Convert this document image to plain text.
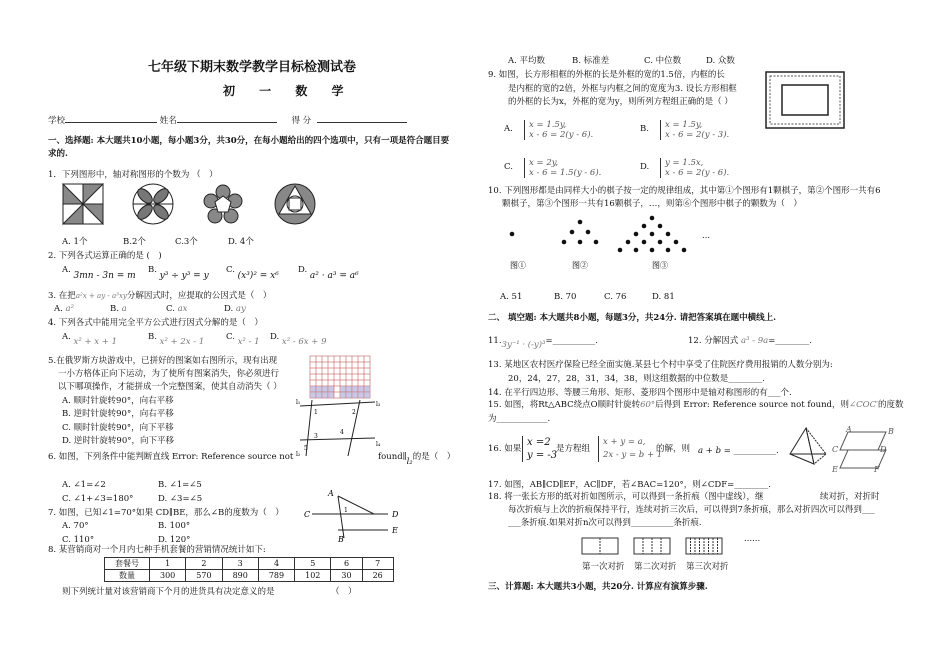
七年级下期末数学教学目标检测试卷
初 一 数 学
学校	姓名	得 分
一、选择题: 本大题共10小题，每小题3分，共30分，在每小题给出的四个选项中，只有一项是符合题目要
求的.
1．下列图形中，轴对称图形的个数为 （　）
A. 1个	B.2个	C.3个	D. 4个
2. 下列各式运算正确的是 (　)
A. 3mn - 3n = m
B. y³ ÷ y³ = y
C. (x³)² = x⁶
D. a² · a³ = a⁶
3. 在把a²x + ay - a³xy分解因式时，应提取的公因式是（　）
A. a²	B. a	C. ax	D. ay
4. 下列各式中能用完全平方公式进行因式分解的是（　）
A. x² + x + 1	B. x² + 2x - 1	C. x² - 1 D. x² - 6x + 9
5.在俄罗斯方块游戏中，已拼好的图案如右图所示，现有出现
一小方格体正向下运动，为了使所有图案消失，你必须进行
以下哪项操作，才能拼成一个完整图案，使其自动消失（ ）
A. 顺时针旋转90°，向右平移
B. 逆时针旋转90°，向右平移
C. 顺时针旋转90°，向下平移
D. 逆时针旋转90°，向下平移
l₁	l₃
l₄
l₂
1	2
3
4
5
6. 如图，下列条件中能判断直线 Error: Reference source not	found∥l₂的是（　）
A. ∠1=∠2	B. ∠1=∠5
C. ∠1+∠3=180°	D. ∠3=∠5
7. 如图，已知∠1=70°如果 CD∥BE，那么∠B的度数为（　）
A. 70°	B. 100°
C. 110°	D. 120°
A
C	D
B
E
1
8. 某营销商对一个月内七种手机套餐的营销情况统计如下:
套餐号	1	2	3	4	5	6	7
数量	300	570	890	789	102	30	26
则下列统计量对该营销商下个月的进货具有决定意义的是	（　）
A. 平均数	B. 标准差	C. 中位数	D. 众数
9. 如图，长方形相框的外框的长是外框的宽的1.5倍，内框的长
是内框的宽的2倍，外框与内框之间的宽度为3. 设长方形相框
的外框的长为x，外框的宽为y，则所列方程组正确的是（ ）
A. x = 1.5y,
x - 6 = 2(y - 6).
B. x = 1.5y,
x - 6 = 2(y - 3).
C. x = 2y,
x - 6 = 1.5(y - 6).
D. y = 1.5x,
x - 6 = 2(y - 6).
10. 下列图形都是由同样大小的棋子按一定的规律组成，其中第①个图形有1颗棋子，第②个图形一共有6
颗棋子，第③个图形一共有16颗棋子，…，则第⑥个图形中棋子的颗数为（　）
…
图①	图②	图③
A. 51	B. 70	C. 76	D. 81
二、 填空题: 本大题共8小题，每题3分，共24分. 请把答案填在题中横线上.
11.3y⁻¹ · (-y)³=__________.	12. 分解因式 a³ - 9a=________.
13. 某地区农村医疗保险已经全面实施.某县七个村中享受了住院医疗费用报销的人数分别为:
20，24，27，28，31，34，38，则这组数据的中位数是________.
14. 在平行四边形、等腰三角形、矩形、菱形四个图形中是轴对称图形的有___个.
15. 如图，将Rt△ABC绕点O顺时针旋转60°后得到 Error: Reference source not found，则∠COC′的度数
为____________.
16. 如果
x =2
y = -3
是方程组
x + y = a,
2x - y = b + 1
的解，则 a + b = __________.
A	B
C	D
E	F
17. 如图，AB∥CD∥EF，AC∥DF，若∠BAC=120°，则∠CDF=________.
18. 将一张长方形的纸对折如图所示，可以得到一条折痕（图中虚线），继	续对折，对折时
每次折痕与上次的折痕保持平行，连续对折三次后，可以得到7条折痕，那么对折四次可以得到___
___条折痕.如果对折n次可以得到__________条折痕.
......
第一次对折 第二次对折 第三次对折
三、计算题: 本大题共3小题，共20分. 计算应有演算步骤.
